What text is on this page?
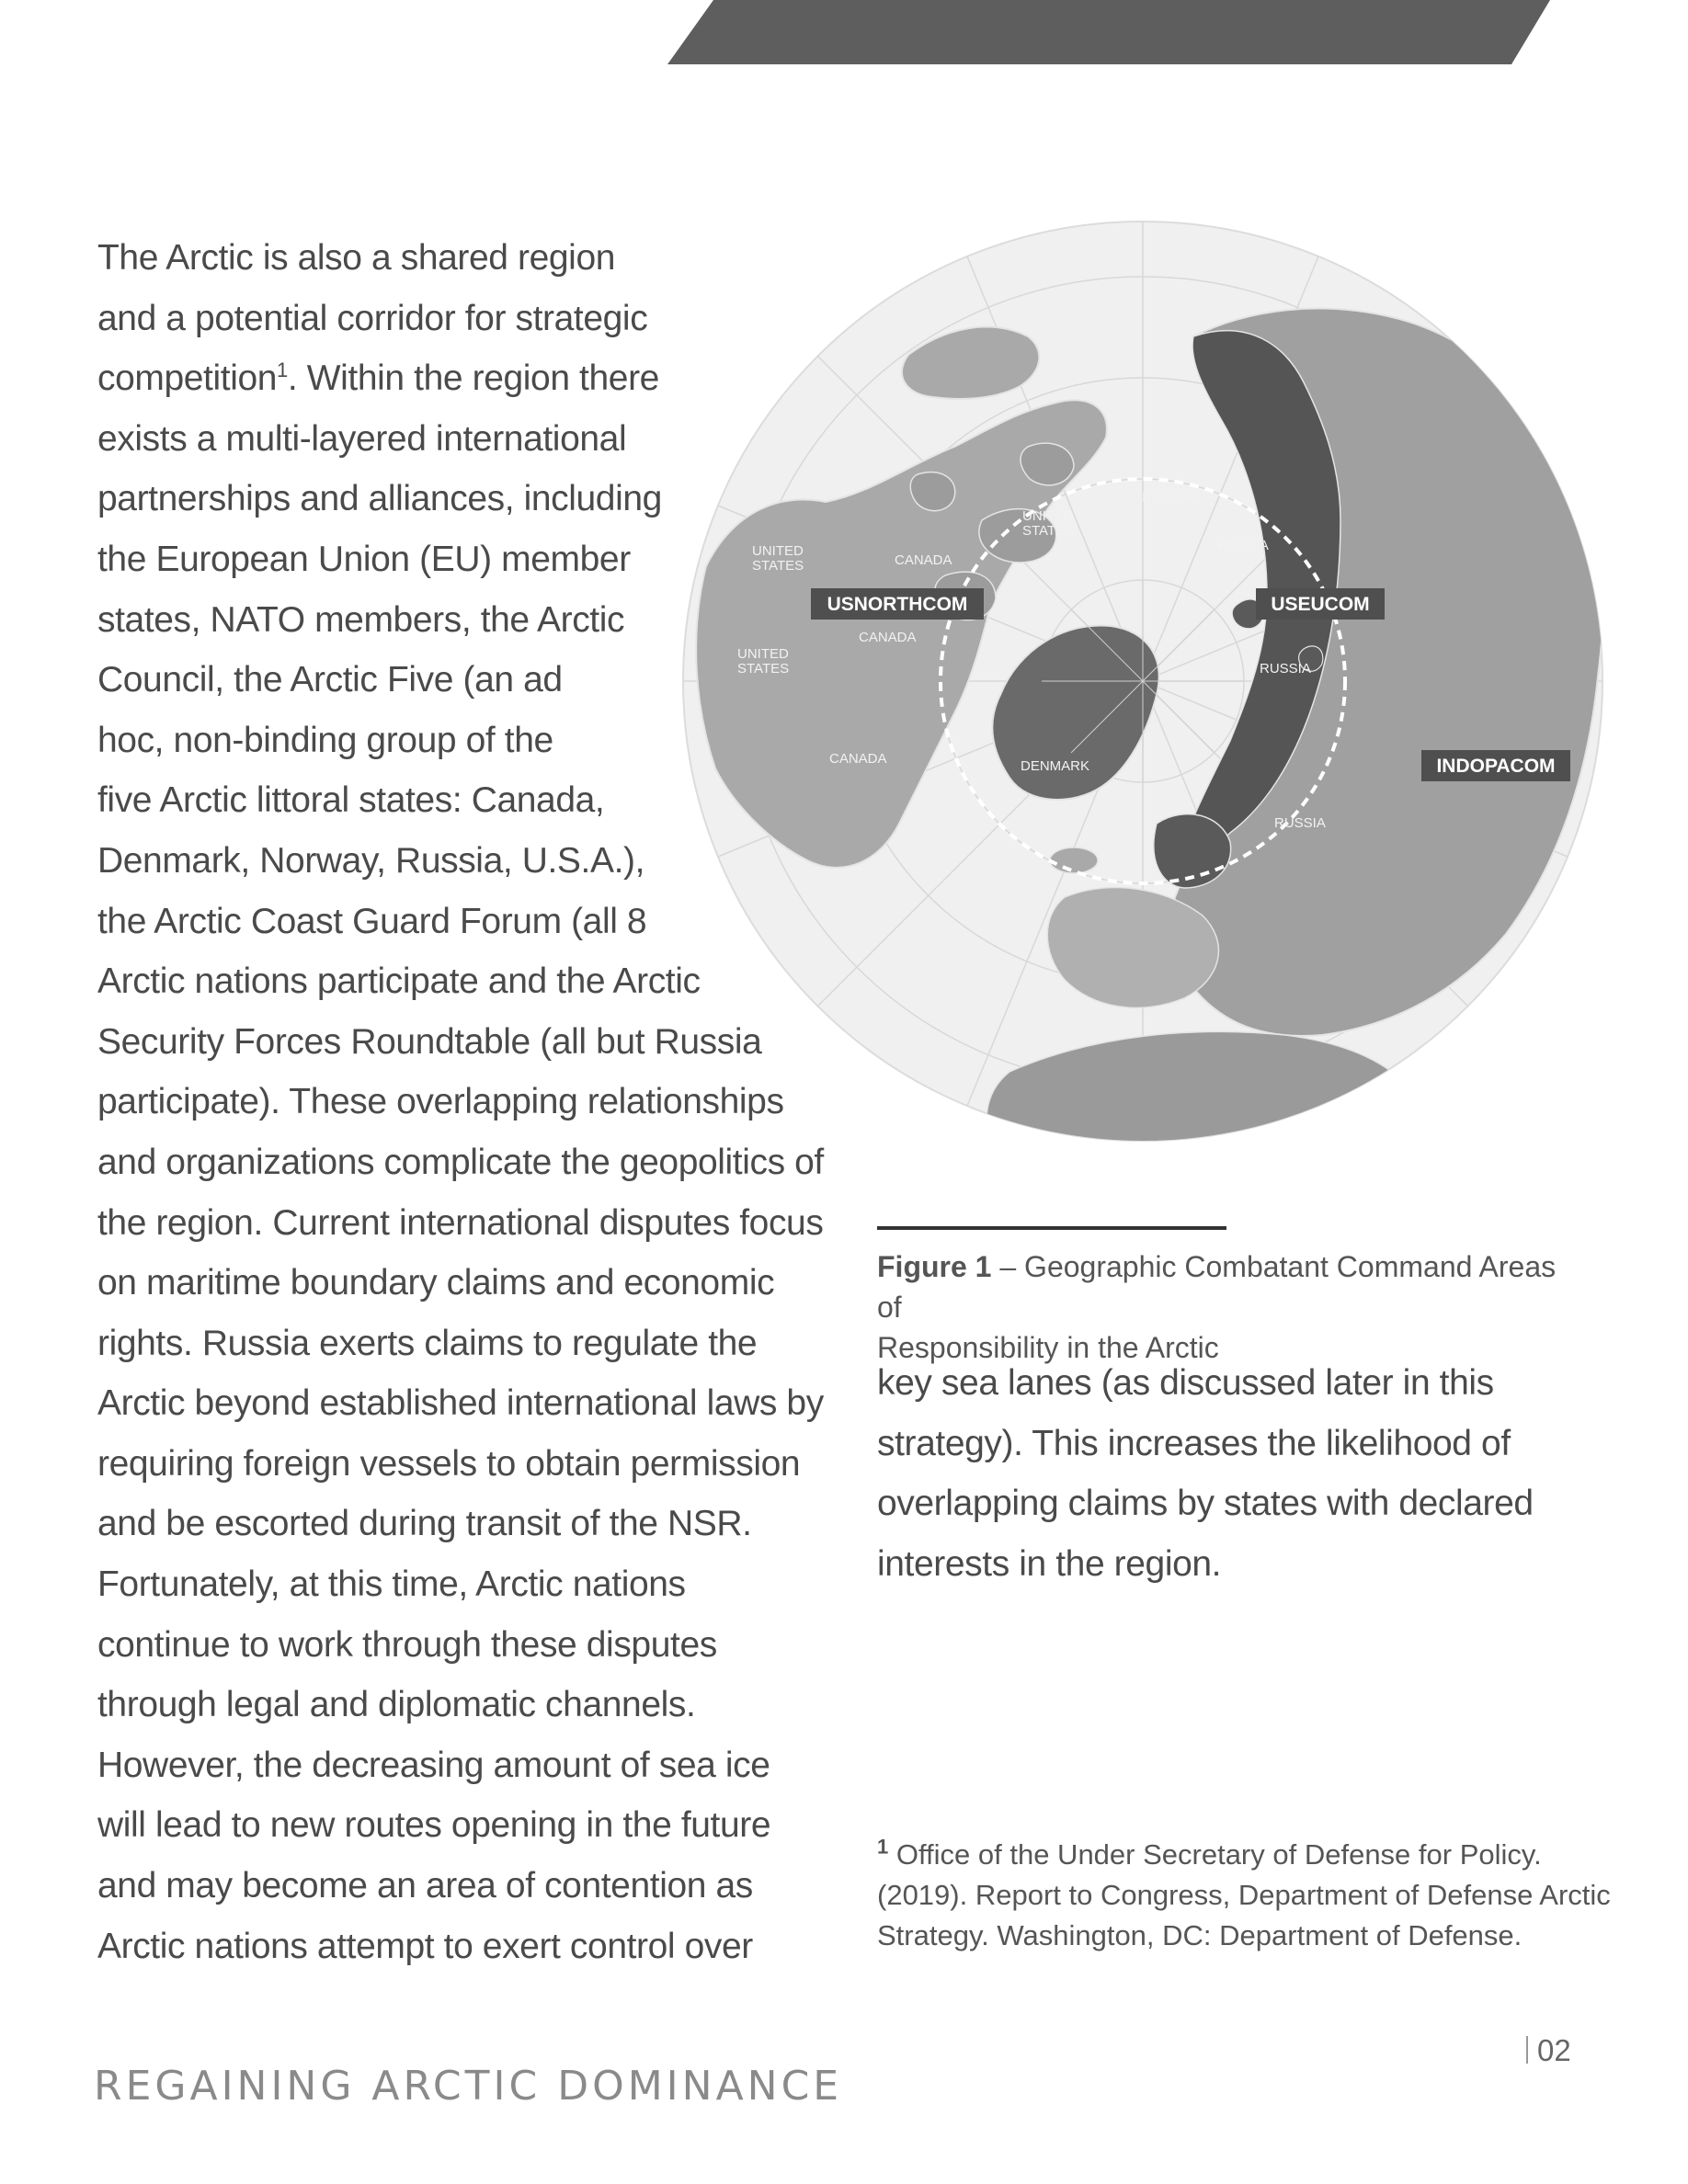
The Arctic is also a shared region
and a potential corridor for strategic
competition$^1$. Within the region there
exists a multi-layered international
partnerships and alliances, including
the European Union (EU) member
states, NATO members, the Arctic
Council, the Arctic Five (an ad
hoc, non-binding group of the
five Arctic littoral states: Canada,
Denmark, Norway, Russia, U.S.A.),
the Arctic Coast Guard Forum (all 8
Arctic nations participate and the Arctic
Security Forces Roundtable (all but Russia
participate). These overlapping relationships
and organizations complicate the geopolitics of
the region. Current international disputes focus
on maritime boundary claims and economic
rights. Russia exerts claims to regulate the
Arctic beyond established international laws by
requiring foreign vessels to obtain permission
and be escorted during transit of the NSR.
Fortunately, at this time, Arctic nations
continue to work through these disputes
through legal and diplomatic channels.
However, the decreasing amount of sea ice
will lead to new routes opening in the future
and may become an area of contention as
Arctic nations attempt to exert control over

USNORTHCOM	USEUCOM
INDOPACOM
RUSSIA
RUSSIA
RUSSIA
RUSSIA
CANADA
CANADA
CANADA
UNITED
STATES
UNITED
STATES
UNITED
STATES
DENMARK
Figure 1 – Geographic Combatant Command Areas of
Responsibility in the Arctic
key sea lanes (as discussed later in this
strategy). This increases the likelihood of
overlapping claims by states with declared
interests in the region.
$^1$ Office of the Under Secretary of Defense for Policy.
(2019). Report to Congress, Department of Defense Arctic
Strategy. Washington, DC: Department of Defense.
02
REGAINING ARCTIC DOMINANCE
